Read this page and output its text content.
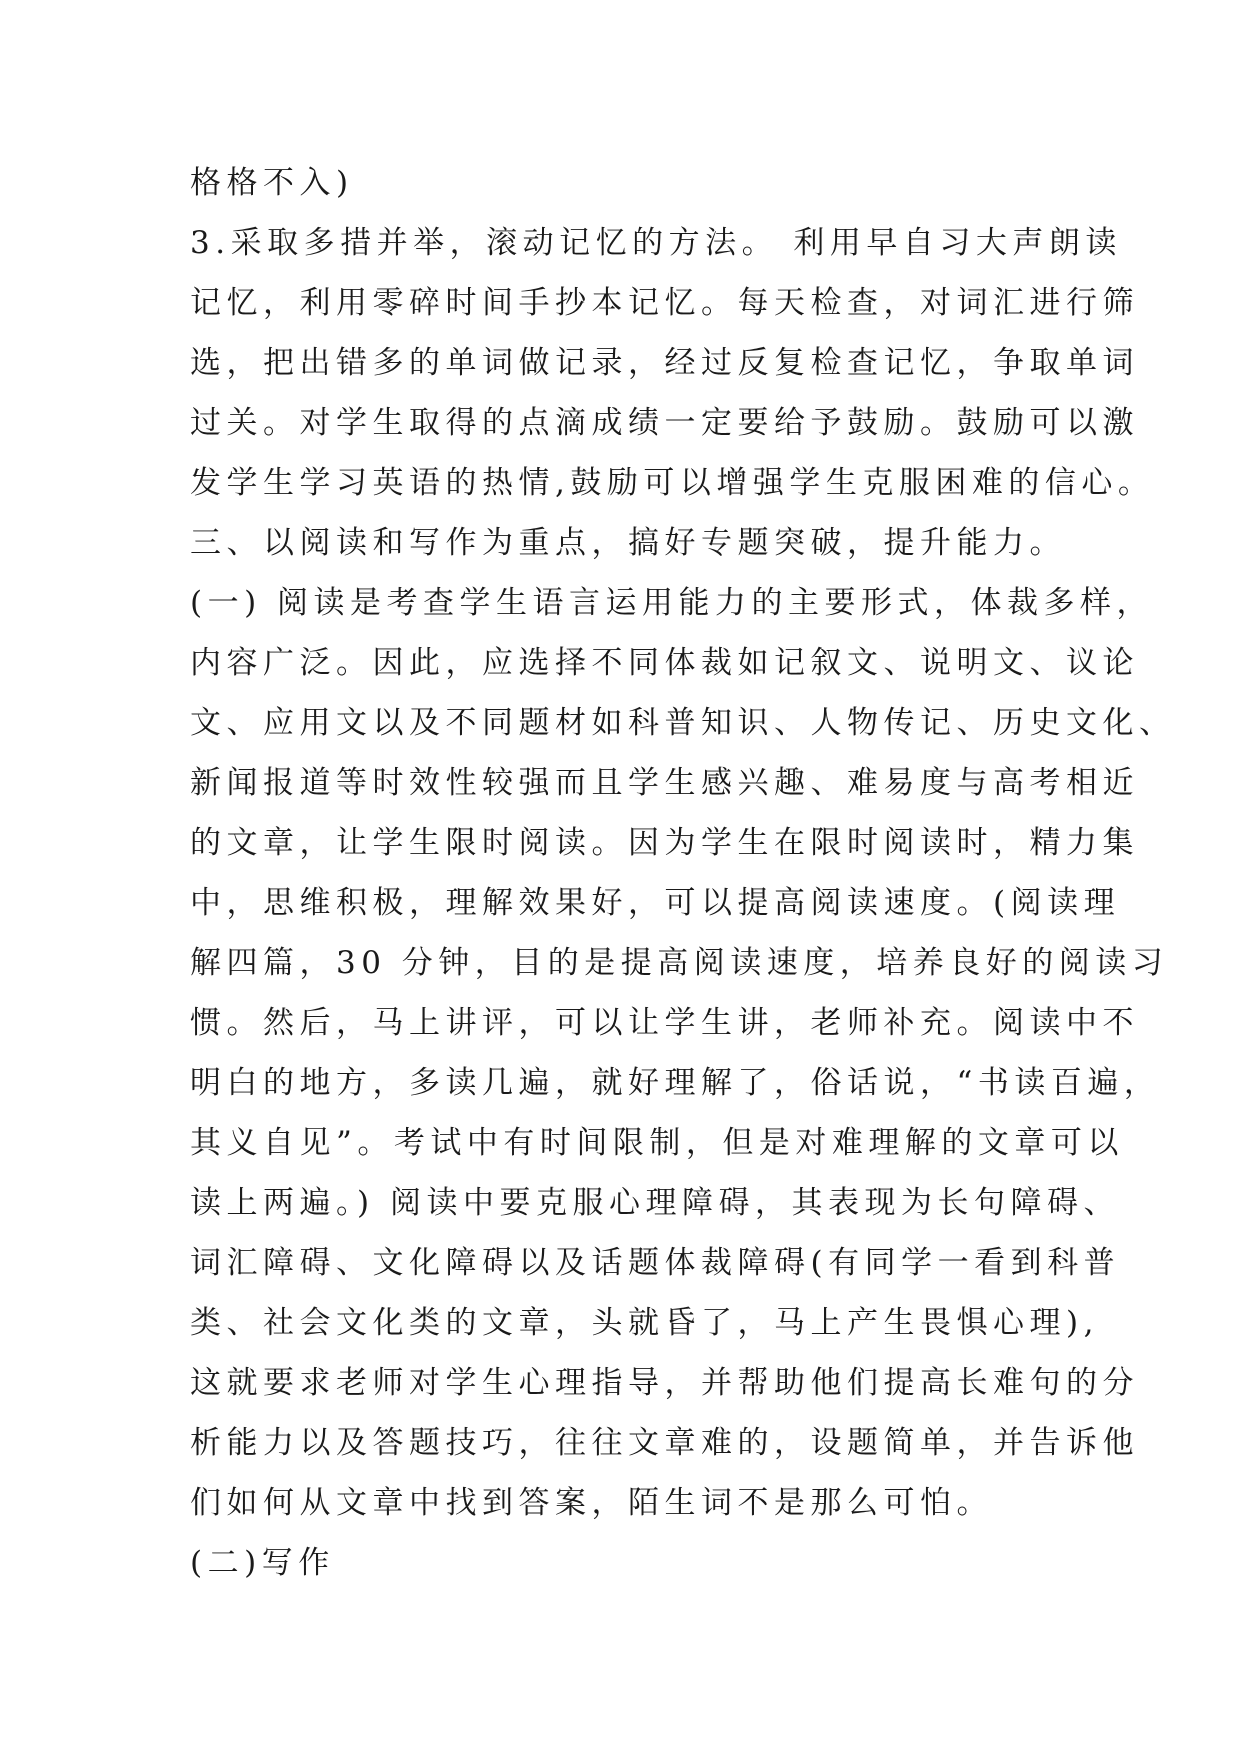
格格不入)
3.采取多措并举，滚动记忆的方法。 利用早自习大声朗读
记忆，利用零碎时间手抄本记忆。每天检查，对词汇进行筛
选，把出错多的单词做记录，经过反复检查记忆，争取单词
过关。对学生取得的点滴成绩一定要给予鼓励。鼓励可以激
发学生学习英语的热情,鼓励可以增强学生克服困难的信心。
三、以阅读和写作为重点，搞好专题突破，提升能力。
(一) 阅读是考查学生语言运用能力的主要形式，体裁多样，
内容广泛。因此，应选择不同体裁如记叙文、说明文、议论
文、应用文以及不同题材如科普知识、人物传记、历史文化、
新闻报道等时效性较强而且学生感兴趣、难易度与高考相近
的文章，让学生限时阅读。因为学生在限时阅读时，精力集
中，思维积极，理解效果好，可以提高阅读速度。(阅读理
解四篇，30 分钟，目的是提高阅读速度，培养良好的阅读习
惯。然后，马上讲评，可以让学生讲，老师补充。阅读中不
明白的地方，多读几遍，就好理解了，俗话说，“书读百遍，
其义自见”。考试中有时间限制，但是对难理解的文章可以
读上两遍。) 阅读中要克服心理障碍，其表现为长句障碍、
词汇障碍、文化障碍以及话题体裁障碍(有同学一看到科普
类、社会文化类的文章，头就昏了，马上产生畏惧心理),
这就要求老师对学生心理指导，并帮助他们提高长难句的分
析能力以及答题技巧，往往文章难的，设题简单，并告诉他
们如何从文章中找到答案，陌生词不是那么可怕。
(二)写作
